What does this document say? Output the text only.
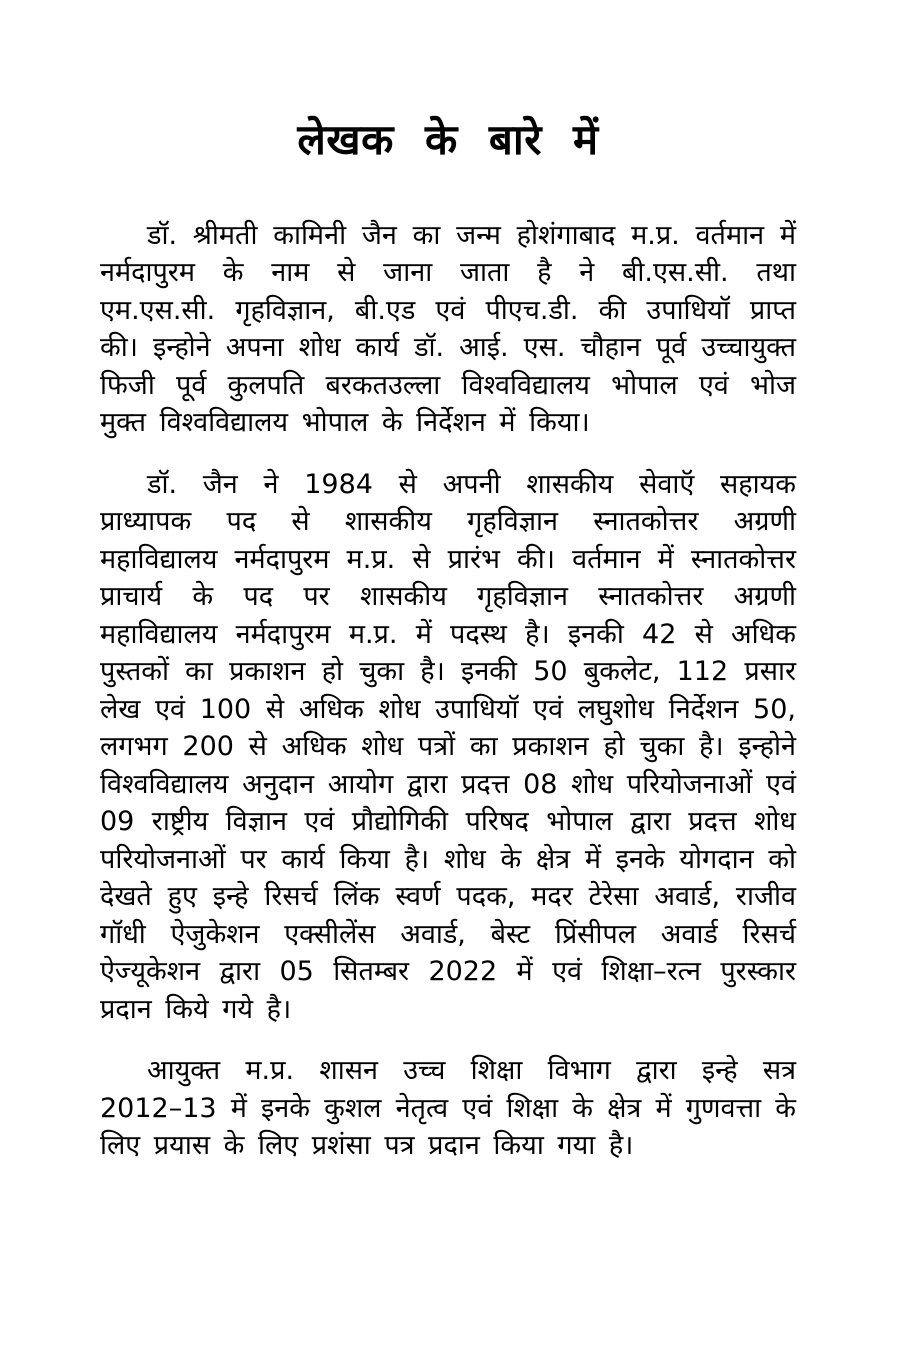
लेखक के बारे में

डॉ. श्रीमती कामिनी जैन का जन्म होशंगाबाद म.प्र. वर्तमान में नर्मदापुरम के नाम से जाना जाता है ने बी.एस.सी. तथा एम.एस.सी. गृहविज्ञान, बी.एड एवं पीएच.डी. की उपाधियॉ प्राप्त की। इन्होने अपना शोध कार्य डॉ. आई. एस. चौहान पूर्व उच्चायुक्त फिजी पूर्व कुलपति बरकतउल्ला विश्वविद्यालय भोपाल एवं भोज मुक्त विश्वविद्यालय भोपाल के निर्देशन में किया।

डॉ. जैन ने 1984 से अपनी शासकीय सेवाऍ सहायक प्राध्यापक पद से शासकीय गृहविज्ञान स्नातकोत्तर अग्रणी महाविद्यालय नर्मदापुरम म.प्र. से प्रारंभ की। वर्तमान में स्नातकोत्तर प्राचार्य के पद पर शासकीय गृहविज्ञान स्नातकोत्तर अग्रणी महाविद्यालय नर्मदापुरम म.प्र. में पदस्थ है। इनकी 42 से अधिक पुस्तकों का प्रकाशन हो चुका है। इनकी 50 बुकलेट, 112 प्रसार लेख एवं 100 से अधिक शोध उपाधियॉ एवं लघुशोध निर्देशन 50, लगभग 200 से अधिक शोध पत्रों का प्रकाशन हो चुका है। इन्होने विश्वविद्यालय अनुदान आयोग द्वारा प्रदत्त 08 शोध परियोजनाओं एवं 09 राष्ट्रीय विज्ञान एवं प्रौद्योगिकी परिषद भोपाल द्वारा प्रदत्त शोध परियोजनाओं पर कार्य किया है। शोध के क्षेत्र में इनके योगदान को देखते हुए इन्हे रिसर्च लिंक स्वर्ण पदक, मदर टेरेसा अवार्ड, राजीव गॉधी ऐजुकेशन एक्सीलेंस अवार्ड, बेस्ट प्रिंसीपल अवार्ड रिसर्च ऐज्यूकेशन द्वारा 05 सितम्बर 2022 में एवं शिक्षा–रत्न पुरस्कार प्रदान किये गये है।

आयुक्त म.प्र. शासन उच्च शिक्षा विभाग द्वारा इन्हे सत्र 2012–13 में इनके कुशल नेतृत्व एवं शिक्षा के क्षेत्र में गुणवत्ता के लिए प्रयास के लिए प्रशंसा पत्र प्रदान किया गया है।
